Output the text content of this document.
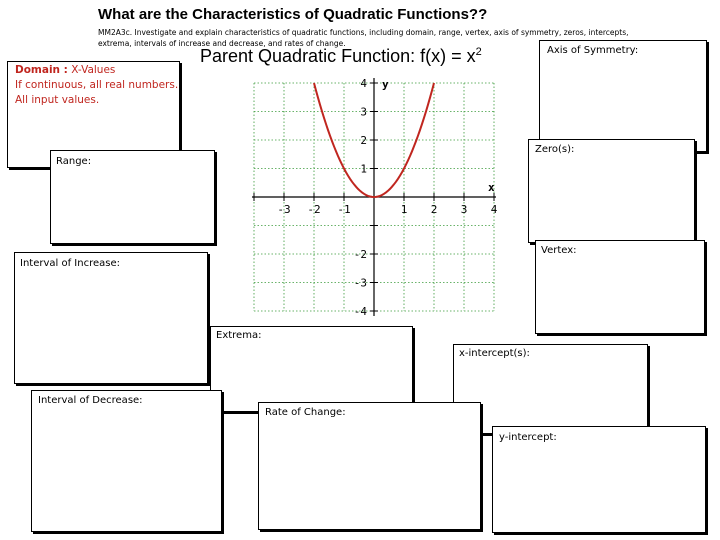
What are the Characteristics of Quadratic Functions??
MM2A3c. Investigate and explain characteristics of quadratic functions, including domain, range, vertex, axis of symmetry, zeros, intercepts, extrema, intervals of increase and decrease, and rates of change.
Parent Quadratic Function: $f(x) = x^2$
-3 -2 -1	1 2 3 4
4
3
2
1
-2
-3
-4
x
y
Domain : X-Values
If continuous, all real numbers.
All input values.
Axis of Symmetry:
Range:
Zero(s):
Vertex:
Interval of Increase:
Extrema:
x-intercept(s):
Interval of Decrease:
Rate of Change:
y-intercept:
